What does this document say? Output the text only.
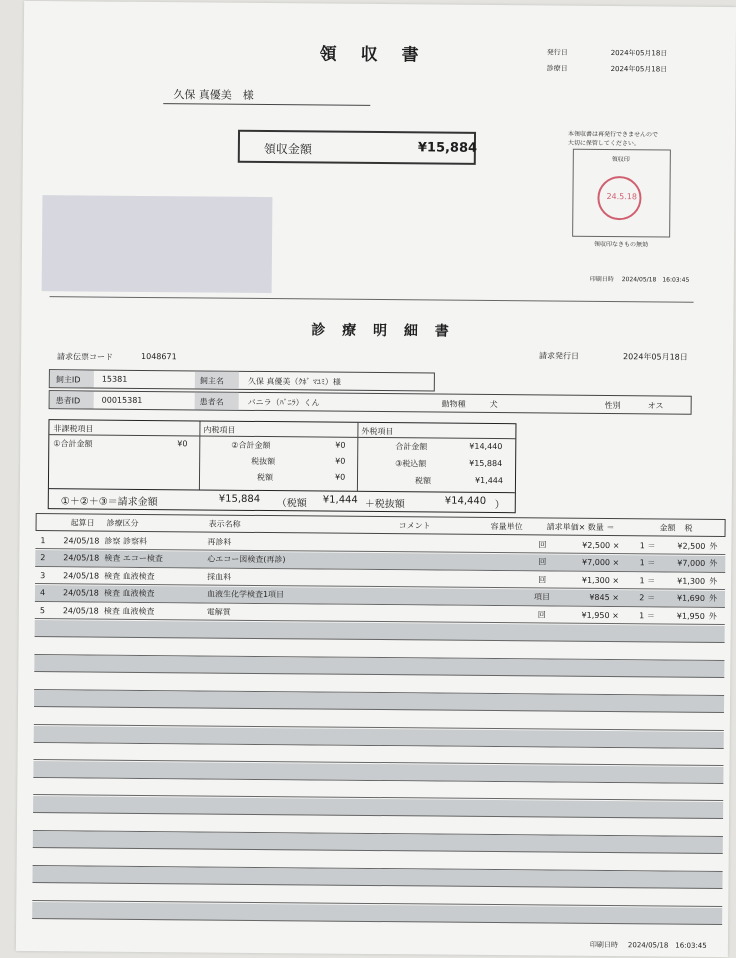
領 収 書	発行日	2024年05月18日
診療日	2024年05月18日
久保 真優美　様
領収金額	¥15,884
本領収書は再発行できませんので
大切に保管してください。
領収印
24.5.18
領収印なきもの無効
印刷日時 2024/05/18　16:03:45
診 療 明 細 書
請求伝票コード	1048671	請求発行日	2024年05月18日
飼主ID	15381	飼主名	久保 真優美（ｸﾎﾞ ﾏﾕﾐ）様
患者ID	00015381	患者名	バニラ（ﾊﾞﾆﾗ）くん	動物種	犬	性別	オス
非課税項目
①合計金額	¥0
内税項目
②合計金額	¥0
税抜額	¥0
税額	¥0
外税項目
合計金額	¥14,440
③税込額	¥15,884
税額	¥1,444
①＋②＋③＝請求金額	¥15,884 （税額 ¥1,444 ＋税抜額	¥14,440 ）
起算日 診療区分	表示名称	コメント	容量単位	請求単価× 数量 ＝	金額 税
1 24/05/18 診察 診察料	再診料	回	¥2,500 ×	1 ＝	¥2,500 外
2 24/05/18 検査 エコー検査	心エコー図検査(再診)	回	¥7,000 ×	1 ＝	¥7,000 外
3 24/05/18 検査 血液検査	採血料	回	¥1,300 ×	1 ＝	¥1,300 外
4 24/05/18 検査 血液検査	血液生化学検査1項目	項目	¥845 ×	2 ＝	¥1,690 外
5 24/05/18 検査 血液検査	電解質	回	¥1,950 ×	1 ＝	¥1,950 外
印刷日時 2024/05/18　16:03:45
